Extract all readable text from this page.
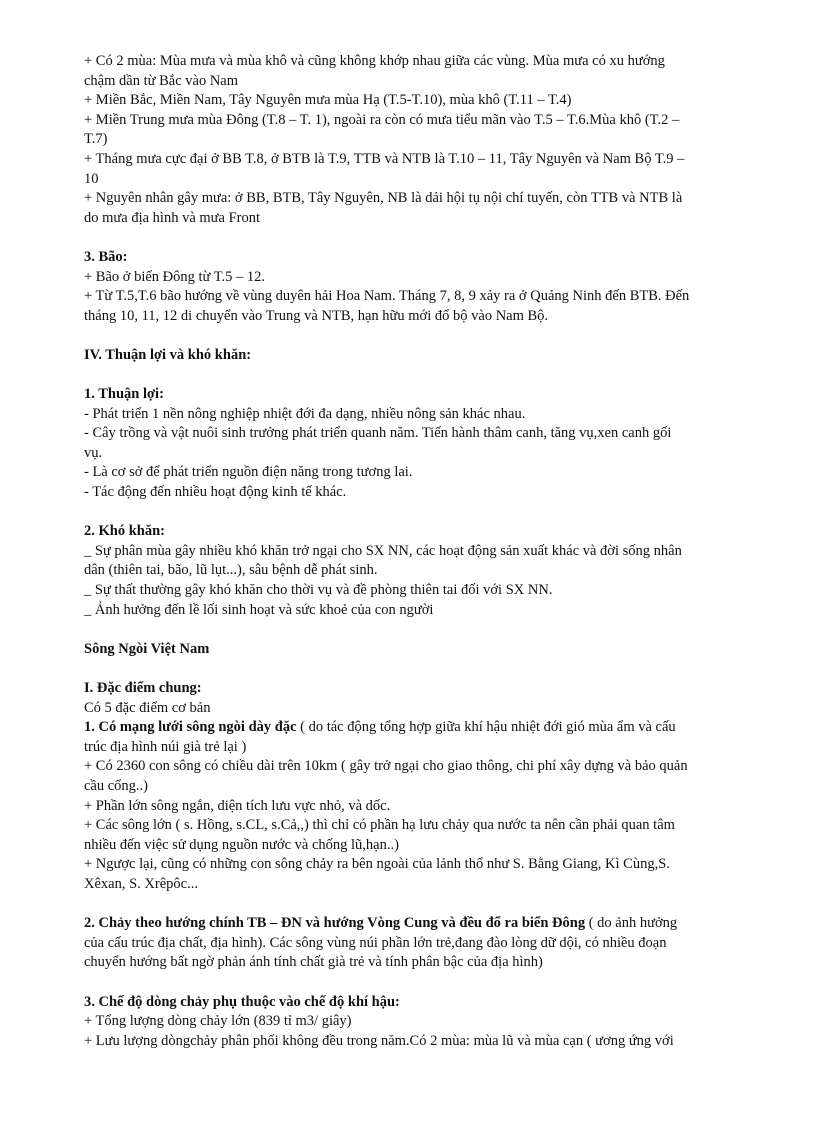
+ Có 2 mùa: Mùa mưa và mùa khô và cũng không khớp nhau giữa các vùng. Mùa mưa có xu hướng
chậm dần từ Bắc vào Nam
+ Miền Bắc, Miền Nam, Tây Nguyên mưa mùa Hạ (T.5-T.10), mùa khô (T.11 – T.4)
+ Miền Trung mưa mùa Đông (T.8 – T. 1), ngoài ra còn có mưa tiểu mãn vào T.5 – T.6.Mùa khô (T.2 –
T.7)
+ Tháng mưa cực đại ở BB T.8, ở BTB là T.9, TTB và NTB là T.10 – 11, Tây Nguyên và Nam Bộ T.9 –
10
+ Nguyên nhân gây mưa: ở BB, BTB, Tây Nguyên, NB là dải hội tụ nội chí tuyến, còn TTB và NTB là
do mưa địa hình và mưa Front
3. Bão:
+ Bão ở biển Đông từ T.5 – 12.
+ Từ T.5,T.6 bão hướng về vùng duyên hải Hoa Nam. Tháng 7, 8, 9 xảy ra ở Quảng Ninh đến BTB. Đến
tháng 10, 11, 12 di chuyển vào Trung và NTB, hạn hữu mới đổ bộ vào Nam Bộ.
IV. Thuận lợi và khó khăn:
1. Thuận lợi:
- Phát triển 1 nền nông nghiệp nhiệt đới đa dạng, nhiều nông sản khác nhau.
- Cây trồng và vật nuôi sinh trưởng phát triển quanh năm. Tiến hành thâm canh, tăng vụ,xen canh gối
vụ.
- Là cơ sở để phát triển nguồn điện năng trong tương lai.
- Tác động đến nhiều hoạt động kinh tế khác.
2. Khó khăn:
_ Sự phân mùa gây nhiều khó khăn trở ngại cho SX NN, các hoạt động sản xuất khác và đời sống nhân
dân (thiên tai, bão, lũ lụt...), sâu bệnh dễ phát sinh.
_ Sự thất thường gây khó khăn cho thời vụ và đề phòng thiên tai đối với SX NN.
_ Ảnh hưởng đến lề lối sinh hoạt và sức khoẻ của con người
Sông Ngòi Việt Nam
I. Đặc điểm chung:
Có 5 đặc điểm cơ bản
1. Có mạng lưới sông ngòi dày đặc ( do tác động tổng hợp giữa khí hậu nhiệt đới gió mùa ẩm và cấu
trúc địa hình núi già trẻ lại )
+ Có 2360 con sông có chiều dài trên 10km ( gây trở ngại cho giao thông, chi phí xây dựng và bảo quản
cầu cống..)
+ Phần lớn sông ngắn, diện tích lưu vực nhỏ, và dốc.
+ Các sông lớn ( s. Hồng, s.CL, s.Cả,,) thì chỉ có phần hạ lưu chảy qua nước ta nên cần phải quan tâm
nhiều đến việc sử dụng nguồn nước và chống lũ,hạn..)
+ Ngược lại, cũng có những con sông chảy ra bên ngoài của lảnh thổ như S. Bằng Giang, Kì Cùng,S.
Xêxan, S. Xrêpôc...
2. Chảy theo hướng chính TB – ĐN và hướng Vòng Cung và đều đổ ra biển Đông ( do ảnh hưởng
của cấu trúc địa chất, địa hình). Các sông vùng núi phần lớn trẻ,đang đào lòng dữ dội, có nhiều đoạn
chuyển hướng bất ngờ phản ánh tính chất già trẻ và tính phân bậc của địa hình)
3. Chế độ dòng chảy phụ thuộc vào chế độ khí hậu:
+ Tổng lượng dòng chảy lớn (839 tỉ m3/ giây)
+ Lưu lượng dòngchảy phân phối không đều trong năm.Có 2 mùa: mùa lũ và mùa cạn ( ương ứng với
